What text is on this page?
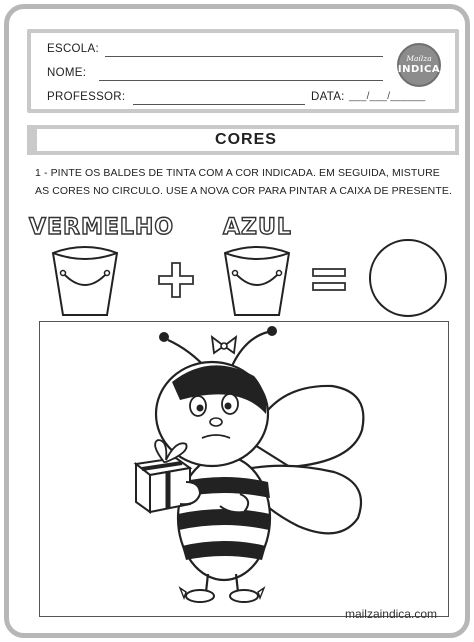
ESCOLA:
NOME:
PROFESSOR:	DATA: ___/___/______
Mailza
INDICA
CORES
1 - PINTE OS BALDES DE TINTA COM A COR INDICADA. EM SEGUIDA, MISTURE
AS CORES NO CIRCULO. USE A NOVA COR PARA PINTAR A CAIXA DE PRESENTE.
VERMELHO AZUL
mailzaindica.com
